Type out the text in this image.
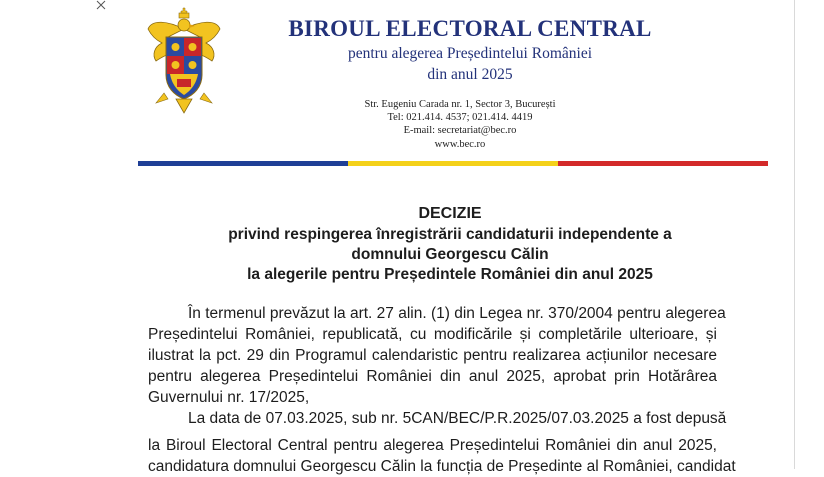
BIROUL ELECTORAL CENTRAL
pentru alegerea Președintelui României
din anul 2025
Str. Eugeniu Carada nr. 1, Sector 3, București
Tel: 021.414. 4537; 021.414. 4419
E-mail: secretariat@bec.ro
www.bec.ro
DECIZIE
privind respingerea înregistrării candidaturii independente a
domnului Georgescu Călin
la alegerile pentru Președintele României din anul 2025
În termenul prevăzut la art. 27 alin. (1) din Legea nr. 370/2004 pentru alegerea
Președintelui României, republicată, cu modificările și completările ulterioare, și
ilustrat la pct. 29 din Programul calendaristic pentru realizarea acțiunilor necesare
pentru alegerea Președintelui României din anul 2025, aprobat prin Hotărârea
Guvernului nr. 17/2025,
La data de 07.03.2025, sub nr. 5CAN/BEC/P.R.2025/07.03.2025 a fost depusă
la Biroul Electoral Central pentru alegerea Președintelui României din anul 2025,
candidatura domnului Georgescu Călin la funcția de Președinte al României, candidat
